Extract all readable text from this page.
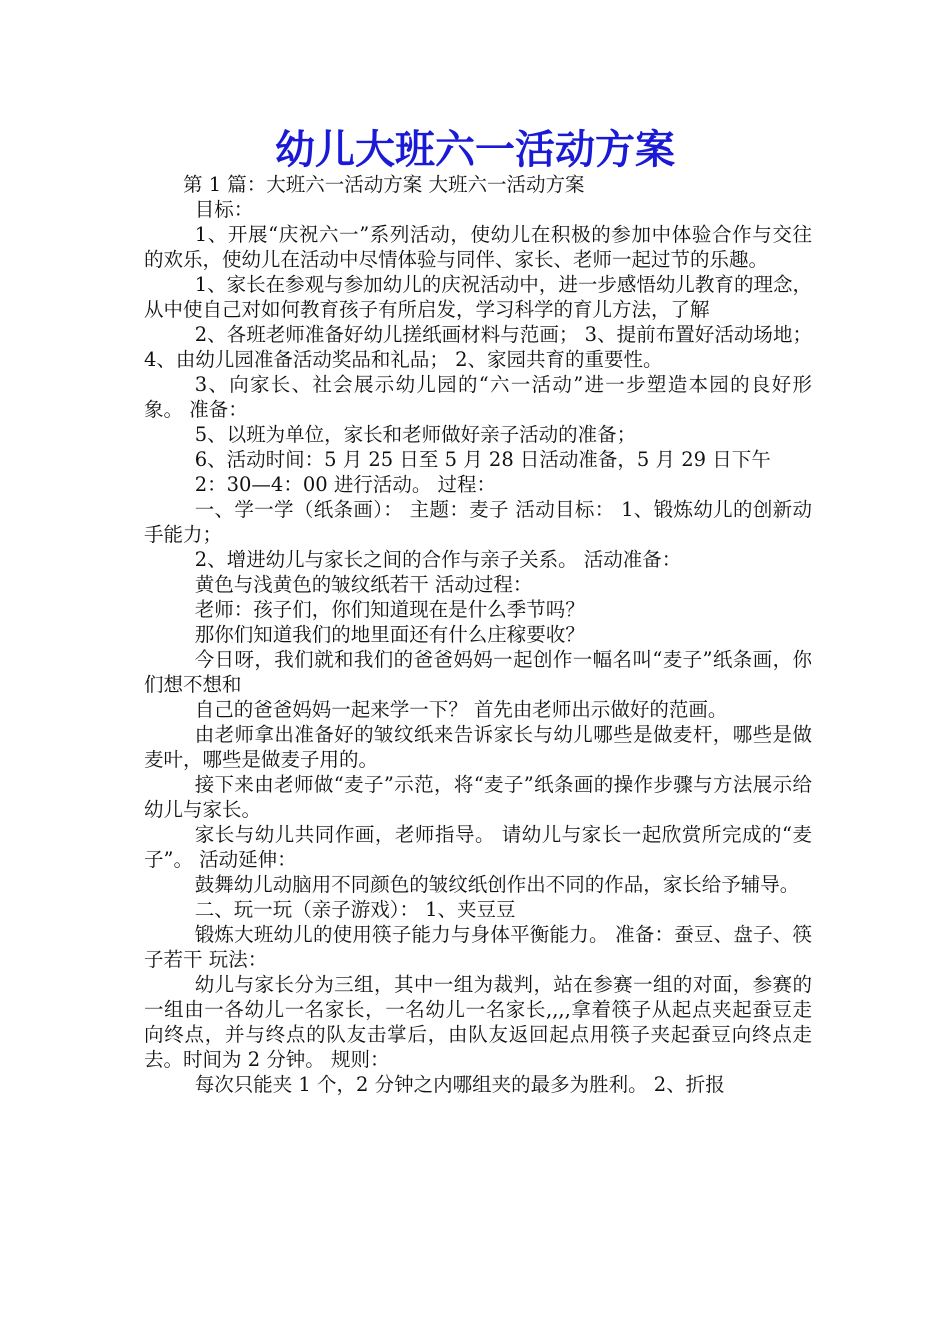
幼儿大班六一活动方案

第 1 篇：大班六一活动方案 大班六一活动方案

目标：

1、开展“庆祝六一”系列活动，使幼儿在积极的参加中体验合作与交往的欢乐，使幼儿在活动中尽情体验与同伴、家长、老师一起过节的乐趣。

1、家长在参观与参加幼儿的庆祝活动中，进一步感悟幼儿教育的理念，从中使自己对如何教育孩子有所启发，学习科学的育儿方法，了解

2、各班老师准备好幼儿搓纸画材料与范画； 3、提前布置好活动场地； 4、由幼儿园准备活动奖品和礼品； 2、家园共育的重要性。

3、向家长、社会展示幼儿园的“六一活动”进一步塑造本园的良好形象。 准备：

5、以班为单位，家长和老师做好亲子活动的准备；

6、活动时间：5 月 25 日至 5 月 28 日活动准备，5 月 29 日下午

2：30—4：00 进行活动。 过程：

一、学一学（纸条画）： 主题：麦子 活动目标： 1、锻炼幼儿的创新动手能力；

2、增进幼儿与家长之间的合作与亲子关系。 活动准备：

黄色与浅黄色的皱纹纸若干 活动过程：

老师：孩子们，你们知道现在是什么季节吗？

那你们知道我们的地里面还有什么庄稼要收？

今日呀，我们就和我们的爸爸妈妈一起创作一幅名叫“麦子”纸条画，你们想不想和

自己的爸爸妈妈一起来学一下？ 首先由老师出示做好的范画。

由老师拿出准备好的皱纹纸来告诉家长与幼儿哪些是做麦杆，哪些是做麦叶，哪些是做麦子用的。

接下来由老师做“麦子”示范，将“麦子”纸条画的操作步骤与方法展示给幼儿与家长。

家长与幼儿共同作画，老师指导。 请幼儿与家长一起欣赏所完成的“麦子”。 活动延伸：

鼓舞幼儿动脑用不同颜色的皱纹纸创作出不同的作品，家长给予辅导。

二、玩一玩（亲子游戏）： 1、夹豆豆

锻炼大班幼儿的使用筷子能力与身体平衡能力。 准备：蚕豆、盘子、筷子若干 玩法：

幼儿与家长分为三组，其中一组为裁判，站在参赛一组的对面，参赛的一组由一各幼儿一名家长，一名幼儿一名家长,,,,拿着筷子从起点夹起蚕豆走向终点，并与终点的队友击掌后，由队友返回起点用筷子夹起蚕豆向终点走去。时间为 2 分钟。 规则：

每次只能夹 1 个，2 分钟之内哪组夹的最多为胜利。 2、折报
